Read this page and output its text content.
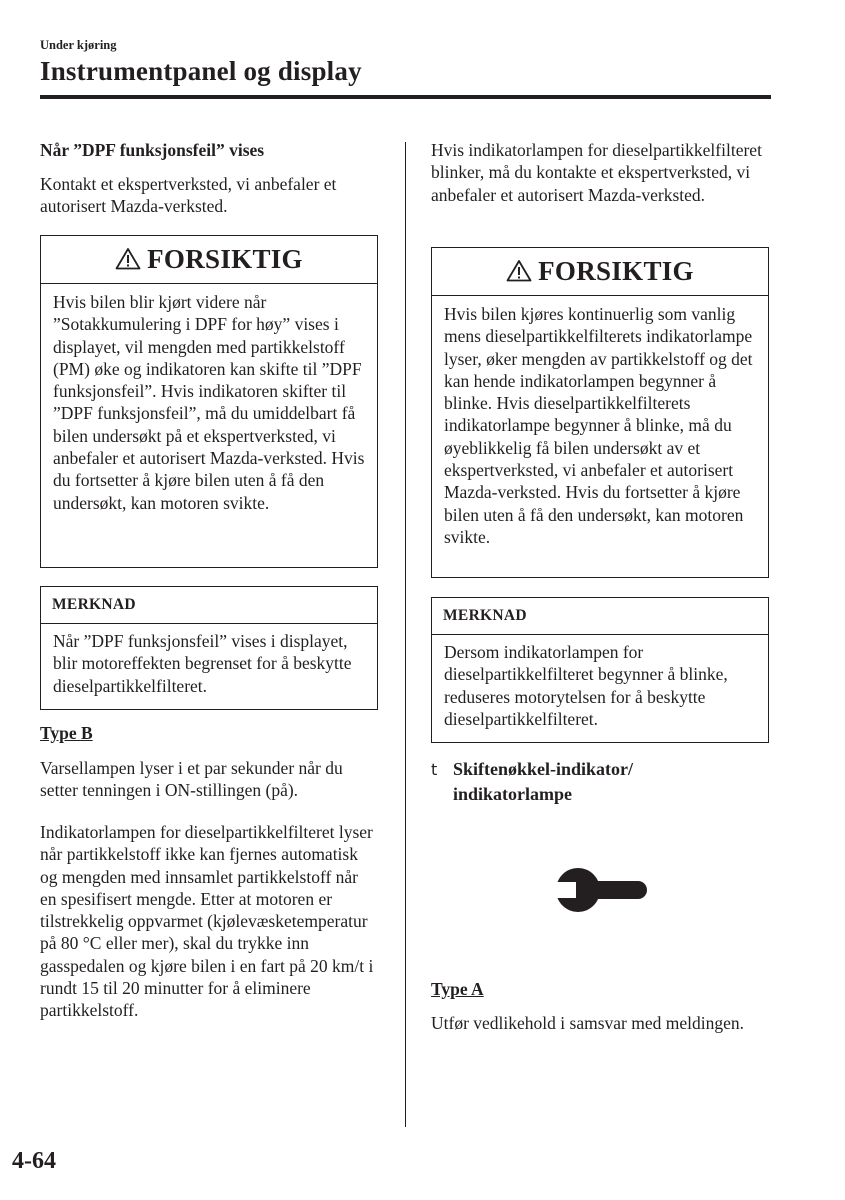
Under kjøring
Instrumentpanel og display
Når ”DPF funksjonsfeil” vises

Kontakt et ekspertverksted, vi anbefaler et autorisert Mazda-verksted.

FORSIKTIG
Hvis bilen blir kjørt videre når ”Sotakkumulering i DPF for høy” vises i displayet, vil mengden med partikkelstoff (PM) øke og indikatoren kan skifte til ”DPF funksjonsfeil”. Hvis indikatoren skifter til ”DPF funksjonsfeil”, må du umiddelbart få bilen undersøkt på et ekspertverksted, vi anbefaler et autorisert Mazda-verksted. Hvis du fortsetter å kjøre bilen uten å få den undersøkt, kan motoren svikte.
MERKNAD
Når ”DPF funksjonsfeil” vises i displayet, blir motoreffekten begrenset for å beskytte dieselpartikkelfilteret.
Type B

Varsellampen lyser i et par sekunder når du setter tenningen i ON-stillingen (på).

Indikatorlampen for dieselpartikkelfilteret lyser når partikkelstoff ikke kan fjernes automatisk og mengden med innsamlet partikkelstoff når en spesifisert mengde. Etter at motoren er tilstrekkelig oppvarmet (kjølevæsketemperatur på 80 °C eller mer), skal du trykke inn gasspedalen og kjøre bilen i en fart på 20 km/t i rundt 15 til 20 minutter for å eliminere partikkelstoff.

Hvis indikatorlampen for dieselpartikkelfilteret blinker, må du kontakte et ekspertverksted, vi anbefaler et autorisert Mazda-verksted.

FORSIKTIG
Hvis bilen kjøres kontinuerlig som vanlig mens dieselpartikkelfilterets indikatorlampe lyser, øker mengden av partikkelstoff og det kan hende indikatorlampen begynner å blinke. Hvis dieselpartikkelfilterets indikatorlampe begynner å blinke, må du øyeblikkelig få bilen undersøkt av et ekspertverksted, vi anbefaler et autorisert Mazda-verksted. Hvis du fortsetter å kjøre bilen uten å få den undersøkt, kan motoren svikte.
MERKNAD
Dersom indikatorlampen for dieselpartikkelfilteret begynner å blinke, reduseres motorytelsen for å beskytte dieselpartikkelfilteret.
t Skiftenøkkel-indikator/ indikatorlampe
Type A

Utfør vedlikehold i samsvar med meldingen.

4-64
